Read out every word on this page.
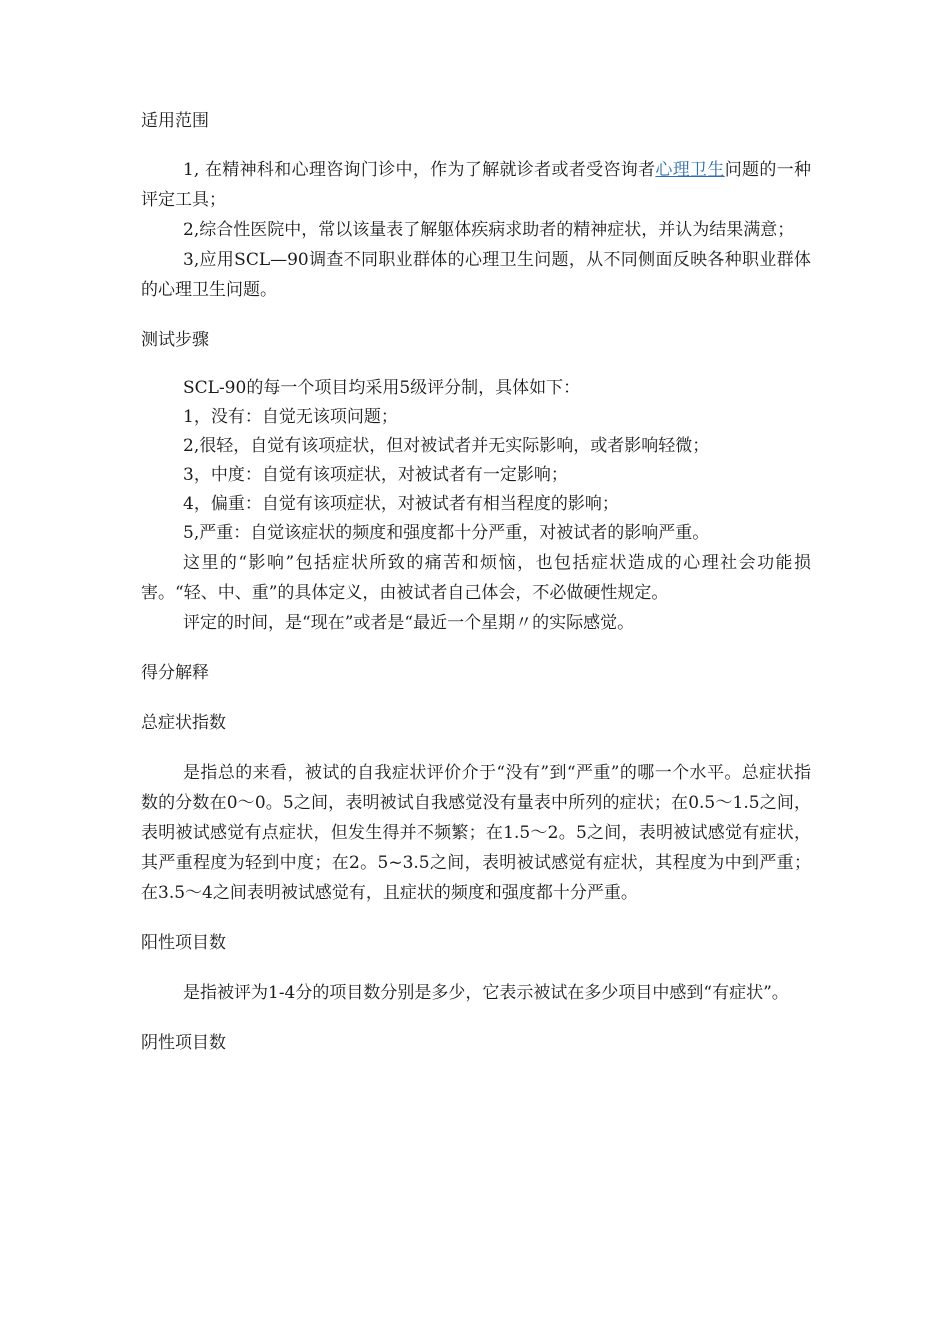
适用范围

1, 在精神科和心理咨询门诊中，作为了解就诊者或者受咨询者心理卫生问题的一种评定工具；

2,综合性医院中，常以该量表了解躯体疾病求助者的精神症状，并认为结果满意；

3,应用SCL—90调查不同职业群体的心理卫生问题，从不同侧面反映各种职业群体的心理卫生问题。

测试步骤

SCL-90的每一个项目均采用5级评分制，具体如下：

1，没有：自觉无该项问题；

2,很轻，自觉有该项症状，但对被试者并无实际影响，或者影响轻微；

3，中度：自觉有该项症状，对被试者有一定影响；

4，偏重：自觉有该项症状，对被试者有相当程度的影响；

5,严重：自觉该症状的频度和强度都十分严重，对被试者的影响严重。

这里的“影响”包括症状所致的痛苦和烦恼，也包括症状造成的心理社会功能损害。“轻、中、重”的具体定义，由被试者自己体会，不必做硬性规定。

评定的时间，是“现在”或者是“最近一个星期〃的实际感觉。

得分解释
总症状指数

是指总的来看，被试的自我症状评价介于“没有”到“严重”的哪一个水平。总症状指数的分数在0〜0。5之间，表明被试自我感觉没有量表中所列的症状；在0.5〜1.5之间，表明被试感觉有点症状，但发生得并不频繁；在1.5〜2。5之间，表明被试感觉有症状，其严重程度为轻到中度；在2。5~3.5之间，表明被试感觉有症状，其程度为中到严重；在3.5〜4之间表明被试感觉有，且症状的频度和强度都十分严重。

阳性项目数

是指被评为1-4分的项目数分别是多少，它表示被试在多少项目中感到“有症状”。

阴性项目数
